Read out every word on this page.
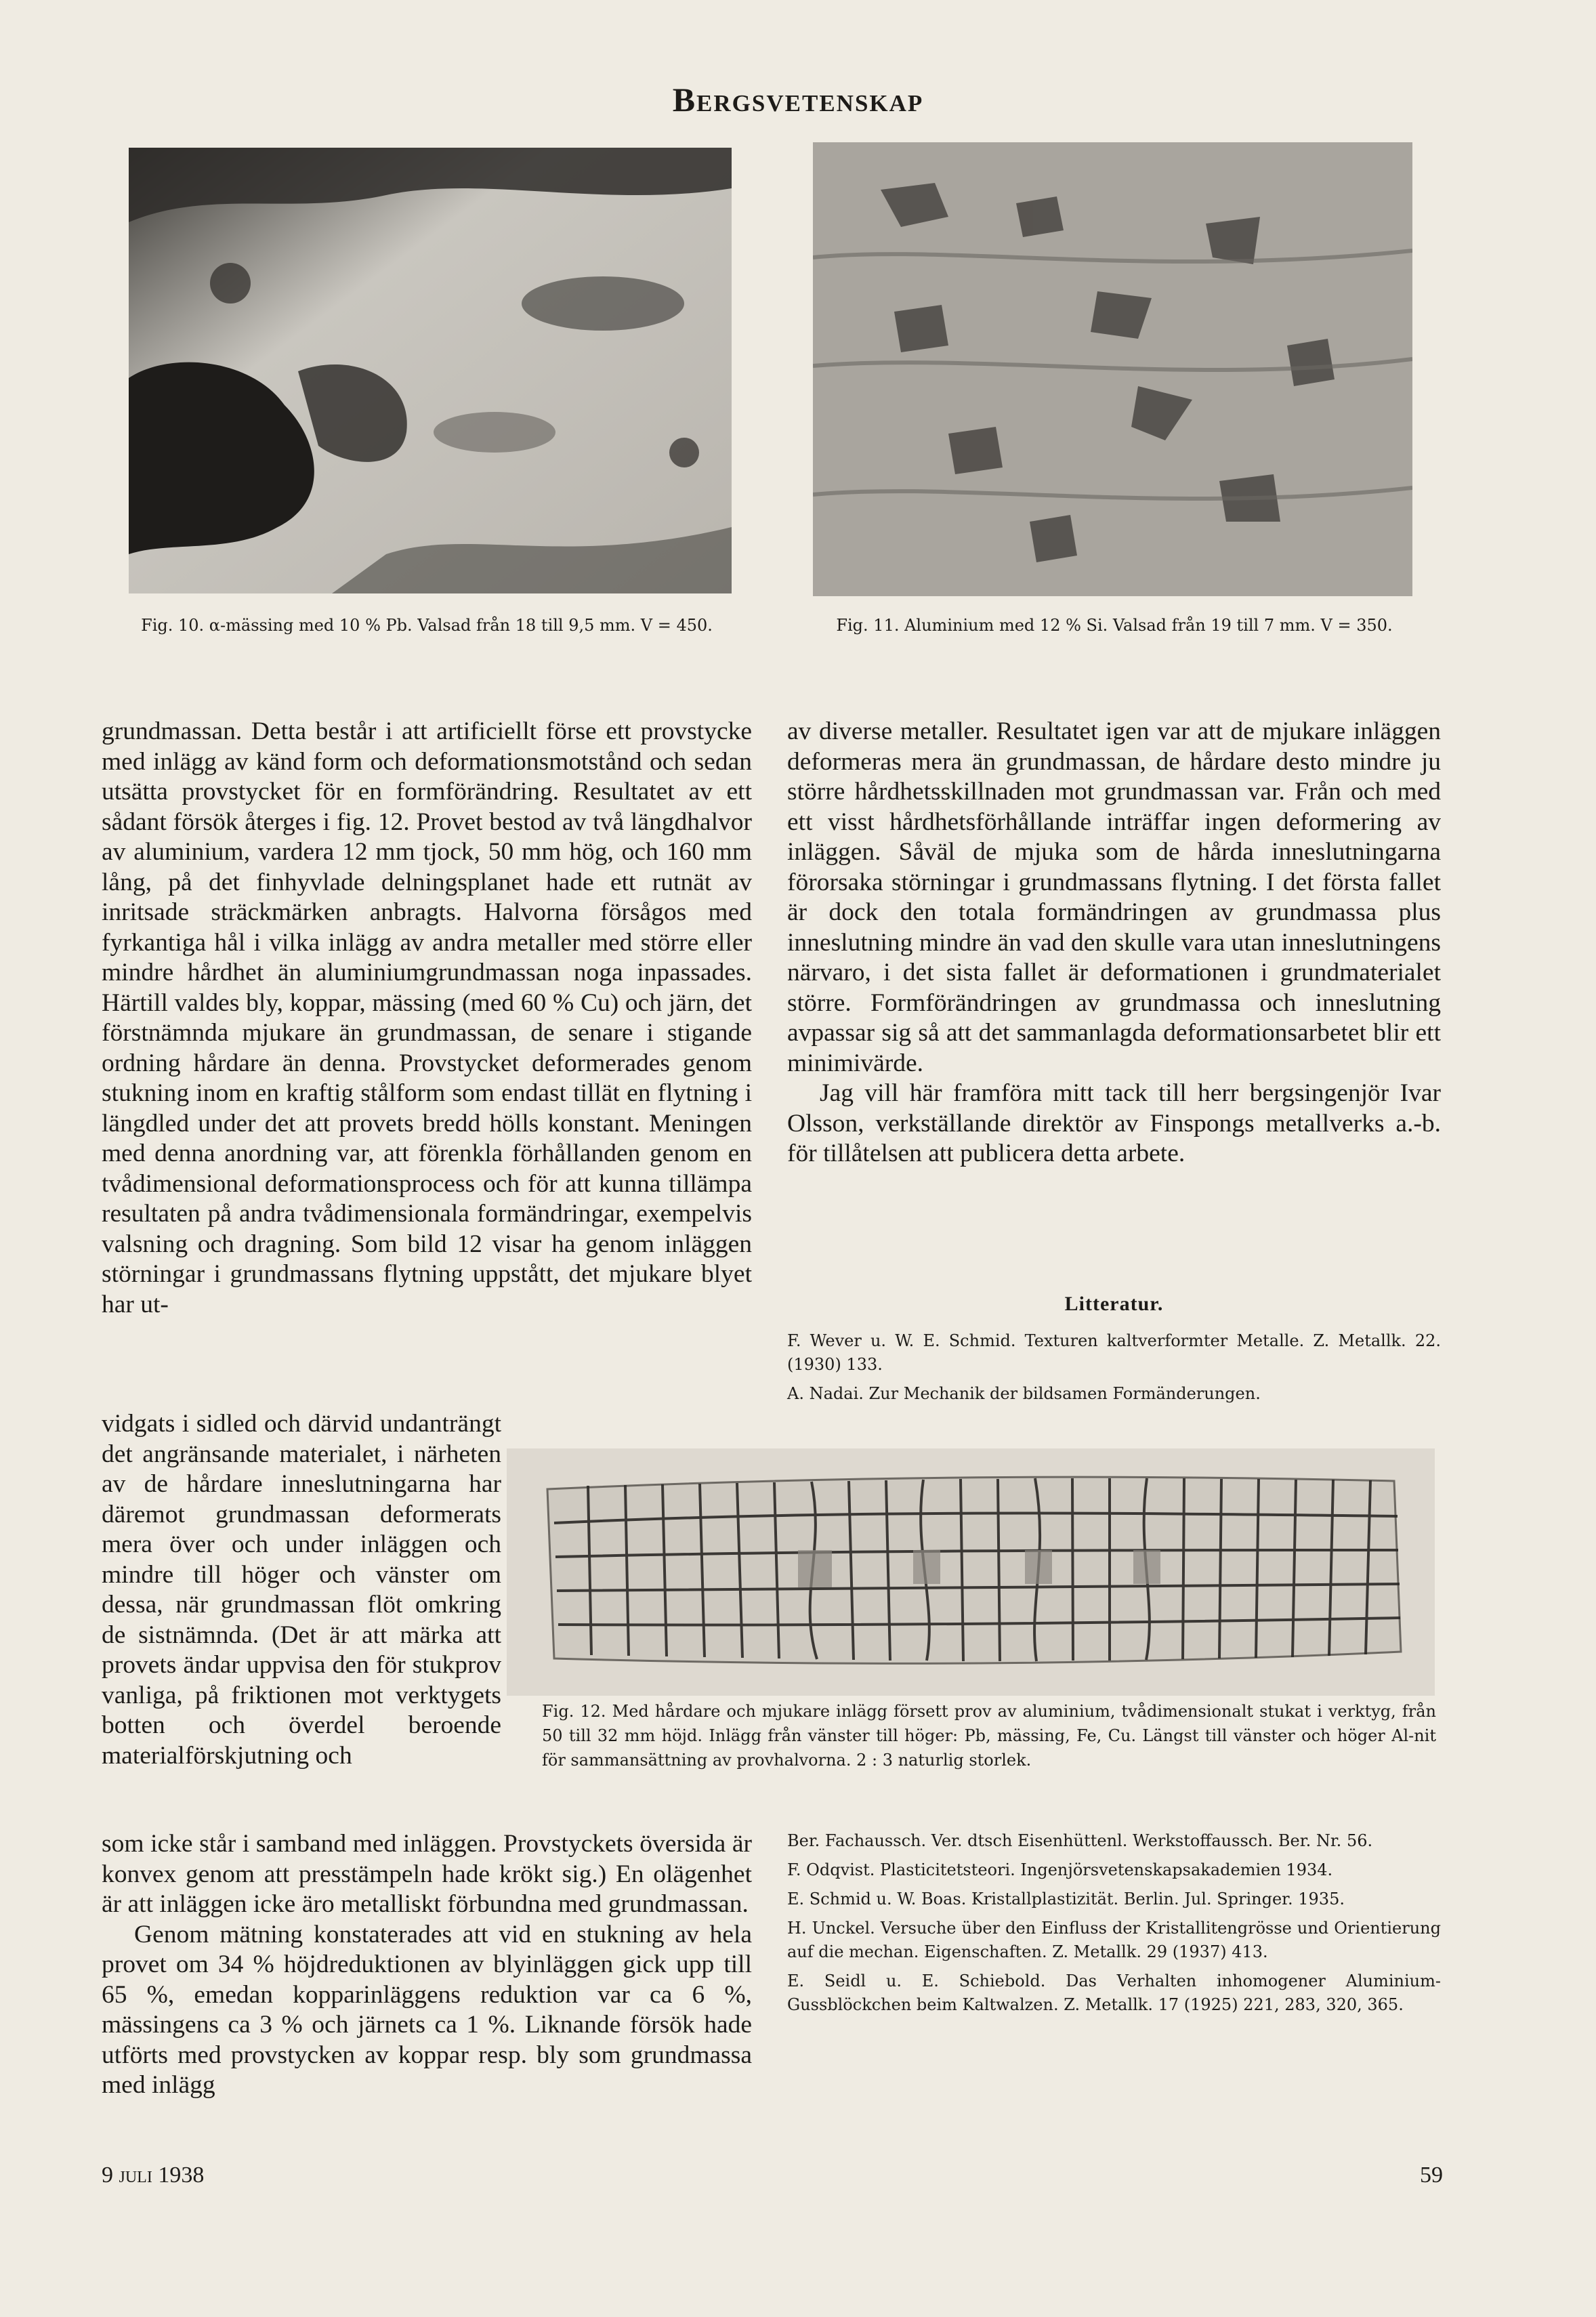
Bergsvetenskap
Fig. 10. α-mässing med 10 % Pb. Valsad från 18 till 9,5 mm. V = 450.	Fig. 11. Aluminium med 12 % Si. Valsad från 19 till 7 mm. V = 350.

grundmassan. Detta består i att artificiellt förse ett provstycke med inlägg av känd form och deformationsmotstånd och sedan utsätta provstycket för en formförändring. Resultatet av ett sådant försök återges i fig. 12. Provet bestod av två längdhalvor av aluminium, vardera 12 mm tjock, 50 mm hög, och 160 mm lång, på det finhyvlade delningsplanet hade ett rutnät av inritsade sträckmärken anbragts. Halvorna försågos med fyrkantiga hål i vilka inlägg av andra metaller med större eller mindre hårdhet än aluminiumgrundmassan noga inpassades. Härtill valdes bly, koppar, mässing (med 60 % Cu) och järn, det förstnämnda mjukare än grundmassan, de senare i stigande ordning hårdare än denna. Provstycket deformerades genom stukning inom en kraftig stålform som endast tillät en flytning i längdled under det att provets bredd hölls konstant. Meningen med denna anordning var, att förenkla förhållanden genom en tvådimensional deformationsprocess och för att kunna tillämpa resultaten på andra tvådimensionala formändringar, exempelvis valsning och dragning. Som bild 12 visar ha genom inläggen störningar i grundmassans flytning uppstått, det mjukare blyet har ut-

vidgats i sidled och därvid undanträngt det angränsande materialet, i närheten av de hårdare inneslutningarna har däremot grundmassan deformerats mera över och under inläggen och mindre till höger och vänster om dessa, när grundmassan flöt omkring de sistnämnda. (Det är att märka att provets ändar uppvisa den för stukprov vanliga, på friktionen mot verktygets botten och överdel beroende materialförskjutning och

som icke står i samband med inläggen. Provstyckets översida är konvex genom att presstämpeln hade krökt sig.) En olägenhet är att inläggen icke äro metalliskt förbundna med grundmassan.

Genom mätning konstaterades att vid en stukning av hela provet om 34 % höjdreduktionen av blyinläggen gick upp till 65 %, emedan kopparinläggens reduktion var ca 6 %, mässingens ca 3 % och järnets ca 1 %. Liknande försök hade utförts med provstycken av koppar resp. bly som grundmassa med inlägg

av diverse metaller. Resultatet igen var att de mjukare inläggen deformeras mera än grundmassan, de hårdare desto mindre ju större hårdhetsskillnaden mot grundmassan var. Från och med ett visst hårdhetsförhållande inträffar ingen deformering av inläggen. Såväl de mjuka som de hårda inneslutningarna förorsaka störningar i grundmassans flytning. I det första fallet är dock den totala formändringen av grundmassa plus inneslutning mindre än vad den skulle vara utan inneslutningens närvaro, i det sista fallet är deformationen i grundmaterialet större. Formförändringen av grundmassa och inneslutning avpassar sig så att det sammanlagda deformationsarbetet blir ett minimivärde.

Jag vill här framföra mitt tack till herr bergsingenjör Ivar Olsson, verkställande direktör av Finspongs metallverks a.-b. för tillåtelsen att publicera detta arbete.

Litteratur.

F. Wever u. W. E. Schmid. Texturen kaltverformter Metalle. Z. Metallk. 22. (1930) 133.

A. Nadai. Zur Mechanik der bildsamen Formänderungen.

Fig. 12. Med hårdare och mjukare inlägg försett prov av aluminium, tvådimensionalt stukat i verktyg, från 50 till 32 mm höjd. Inlägg från vänster till höger: Pb, mässing, Fe, Cu. Längst till vänster och höger Al-nit för sammansättning av provhalvorna. 2 : 3 naturlig storlek.

Ber. Fachaussch. Ver. dtsch Eisenhüttenl. Werkstoffaussch. Ber. Nr. 56.

F. Odqvist. Plasticitetsteori. Ingenjörsvetenskapsakademien 1934.

E. Schmid u. W. Boas. Kristallplastizität. Berlin. Jul. Springer. 1935.

H. Unckel. Versuche über den Einfluss der Kristallitengrösse und Orientierung auf die mechan. Eigenschaften. Z. Metallk. 29 (1937) 413.

E. Seidl u. E. Schiebold. Das Verhalten inhomogener Aluminium-Gussblöckchen beim Kaltwalzen. Z. Metallk. 17 (1925) 221, 283, 320, 365.

9 juli 1938	59
